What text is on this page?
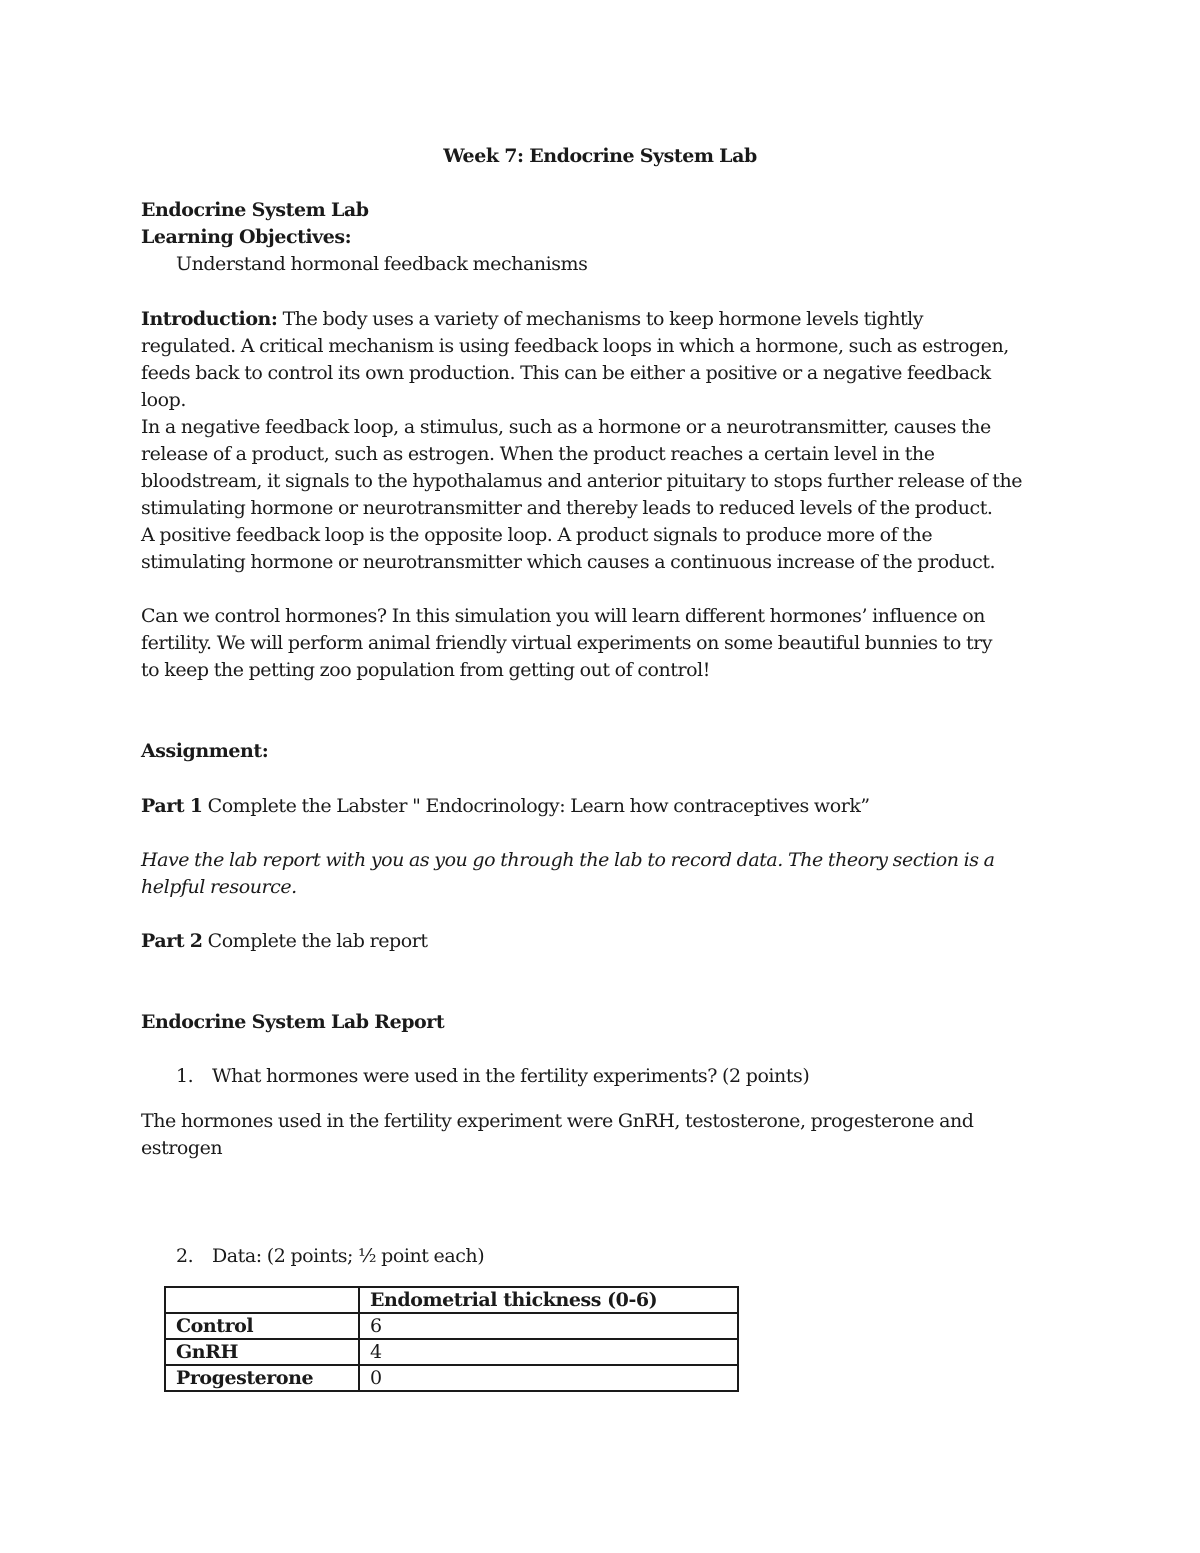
Week 7: Endocrine System Lab
Endocrine System Lab
Learning Objectives:
Understand hormonal feedback mechanisms
Introduction: The body uses a variety of mechanisms to keep hormone levels tightly
regulated. A critical mechanism is using feedback loops in which a hormone, such as estrogen,
feeds back to control its own production. This can be either a positive or a negative feedback
loop.
In a negative feedback loop, a stimulus, such as a hormone or a neurotransmitter, causes the
release of a product, such as estrogen. When the product reaches a certain level in the
bloodstream, it signals to the hypothalamus and anterior pituitary to stops further release of the
stimulating hormone or neurotransmitter and thereby leads to reduced levels of the product.
A positive feedback loop is the opposite loop. A product signals to produce more of the
stimulating hormone or neurotransmitter which causes a continuous increase of the product.
Can we control hormones? In this simulation you will learn different hormones’ influence on
fertility. We will perform animal friendly virtual experiments on some beautiful bunnies to try
to keep the petting zoo population from getting out of control!
Assignment:
Part 1 Complete the Labster " Endocrinology: Learn how contraceptives work”
Have the lab report with you as you go through the lab to record data. The theory section is a
helpful resource.
Part 2 Complete the lab report
Endocrine System Lab Report
1. What hormones were used in the fertility experiments? (2 points)
The hormones used in the fertility experiment were GnRH, testosterone, progesterone and
estrogen
2. Data: (2 points; ½ point each)
	Endometrial thickness (0-6)
Control	6
GnRH	4
Progesterone	0
